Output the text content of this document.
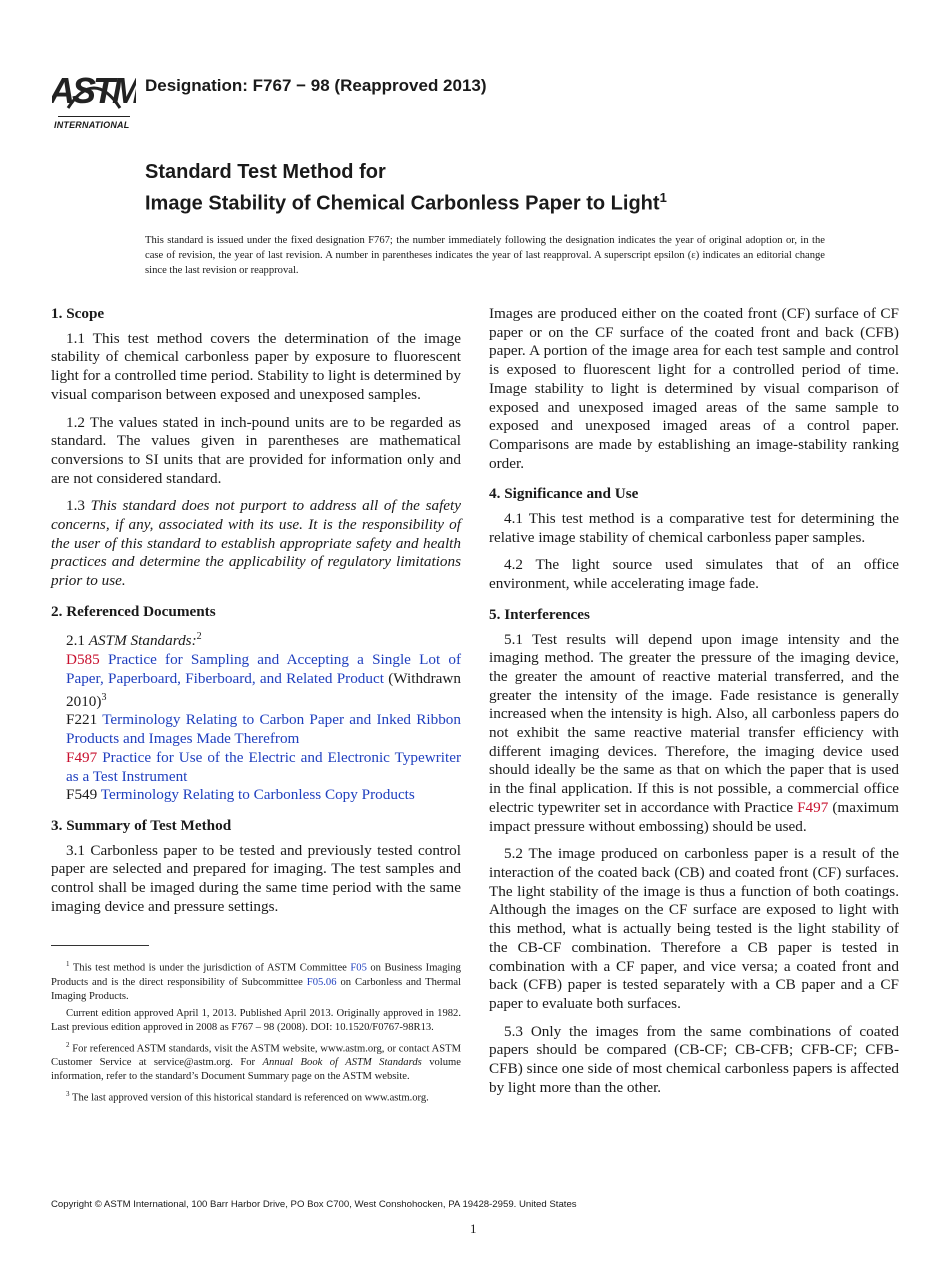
ASTM
INTERNATIONAL
Designation: F767 − 98 (Reapproved 2013)
Standard Test Method for
Image Stability of Chemical Carbonless Paper to Light$^1$
This standard is issued under the fixed designation F767; the number immediately following the designation indicates the year of original adoption or, in the case of revision, the year of last revision. A number in parentheses indicates the year of last reapproval. A superscript epsilon (ε) indicates an editorial change since the last revision or reapproval.
1. Scope

1.1 This test method covers the determination of the image stability of chemical carbonless paper by exposure to fluorescent light for a controlled time period. Stability to light is determined by visual comparison between exposed and unexposed samples.

1.2 The values stated in inch-pound units are to be regarded as standard. The values given in parentheses are mathematical conversions to SI units that are provided for information only and are not considered standard.

1.3 This standard does not purport to address all of the safety concerns, if any, associated with its use. It is the responsibility of the user of this standard to establish appropriate safety and health practices and determine the applicability of regulatory limitations prior to use.

2. Referenced Documents

2.1 ASTM Standards:$^2$

D585 Practice for Sampling and Accepting a Single Lot of Paper, Paperboard, Fiberboard, and Related Product (Withdrawn 2010)$^3$
F221 Terminology Relating to Carbon Paper and Inked Ribbon Products and Images Made Therefrom
F497 Practice for Use of the Electric and Electronic Typewriter as a Test Instrument
F549 Terminology Relating to Carbonless Copy Products
3. Summary of Test Method

3.1 Carbonless paper to be tested and previously tested control paper are selected and prepared for imaging. The test samples and control shall be imaged during the same time period with the same imaging device and pressure settings.

$^1$ This test method is under the jurisdiction of ASTM Committee F05 on Business Imaging Products and is the direct responsibility of Subcommittee F05.06 on Carbonless and Thermal Imaging Products.

Current edition approved April 1, 2013. Published April 2013. Originally approved in 1982. Last previous edition approved in 2008 as F767 – 98 (2008). DOI: 10.1520/F0767-98R13.

$^2$ For referenced ASTM standards, visit the ASTM website, www.astm.org, or contact ASTM Customer Service at service@astm.org. For Annual Book of ASTM Standards volume information, refer to the standard’s Document Summary page on the ASTM website.

$^3$ The last approved version of this historical standard is referenced on www.astm.org.

Images are produced either on the coated front (CF) surface of CF paper or on the CF surface of the coated front and back (CFB) paper. A portion of the image area for each test sample and control is exposed to fluorescent light for a controlled period of time. Image stability to light is determined by visual comparison of exposed and unexposed imaged areas of the same sample to exposed and unexposed imaged areas of a control paper. Comparisons are made by establishing an image-stability ranking order.

4. Significance and Use

4.1 This test method is a comparative test for determining the relative image stability of chemical carbonless paper samples.

4.2 The light source used simulates that of an office environment, while accelerating image fade.

5. Interferences

5.1 Test results will depend upon image intensity and the imaging method. The greater the pressure of the imaging device, the greater the amount of reactive material transferred, and the greater the intensity of the image. Fade resistance is generally increased when the intensity is high. Also, all carbonless papers do not exhibit the same reactive material transfer efficiency with different imaging devices. Therefore, the imaging device used should ideally be the same as that on which the paper that is used in the final application. If this is not possible, a commercial office electric typewriter set in accordance with Practice F497 (maximum impact pressure without embossing) should be used.

5.2 The image produced on carbonless paper is a result of the interaction of the coated back (CB) and coated front (CF) surfaces. The light stability of the image is thus a function of both coatings. Although the images on the CF surface are exposed to light with this method, what is actually being tested is the light stability of the CB-CF combination. Therefore a CB paper is tested in combination with a CF paper, and vice versa; a coated front and back (CFB) paper is tested separately with a CB paper and a CF paper to evaluate both surfaces.

5.3 Only the images from the same combinations of coated papers should be compared (CB-CF; CB-CFB; CFB-CF; CFB-CFB) since one side of most chemical carbonless papers is affected by light more than the other.

Copyright © ASTM International, 100 Barr Harbor Drive, PO Box C700, West Conshohocken, PA 19428-2959. United States
1
